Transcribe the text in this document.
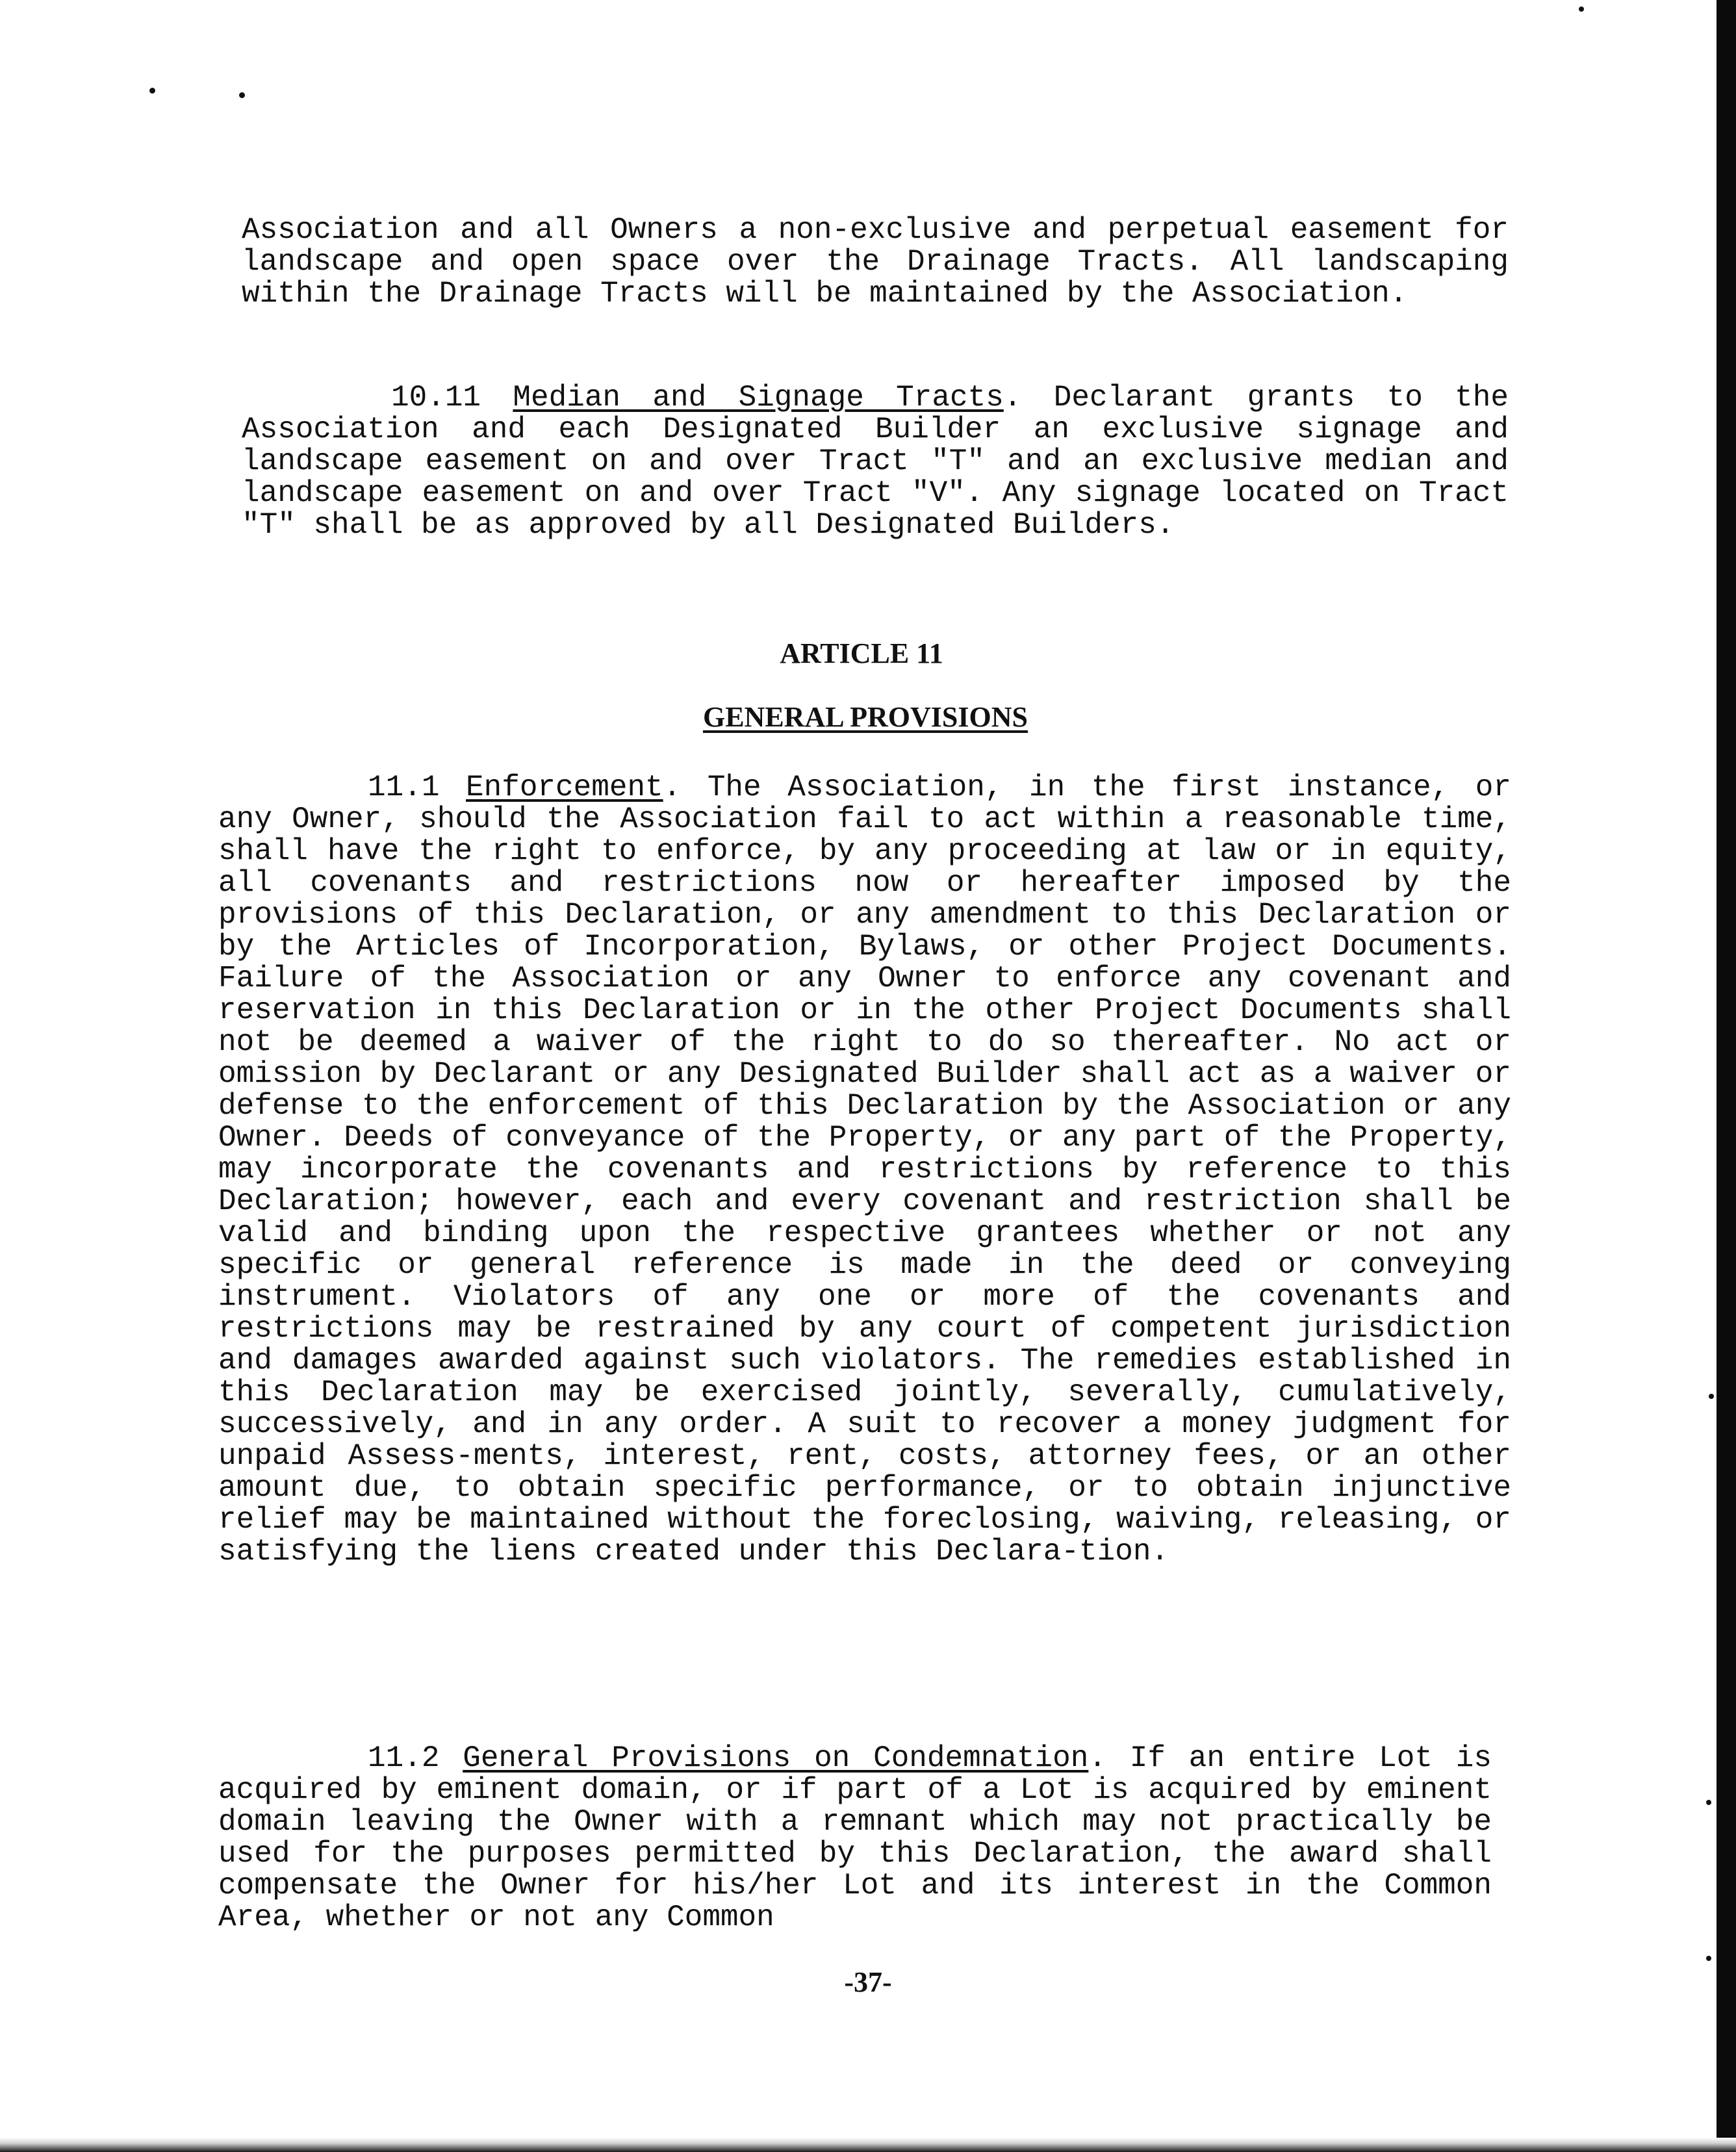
Association and all Owners a non-exclusive and perpetual easement for landscape and open space over the Drainage Tracts. All landscaping within the Drainage Tracts will be maintained by the Association.

10.11 Median and Signage Tracts. Declarant grants to the Association and each Designated Builder an exclusive signage and landscape easement on and over Tract "T" and an exclusive median and landscape easement on and over Tract "V". Any signage located on Tract "T" shall be as approved by all Designated Builders.

ARTICLE 11
GENERAL PROVISIONS

11.1 Enforcement. The Association, in the first instance, or any Owner, should the Association fail to act within a reasonable time, shall have the right to enforce, by any proceeding at law or in equity, all covenants and restrictions now or hereafter imposed by the provisions of this Declaration, or any amendment to this Declaration or by the Articles of Incorporation, Bylaws, or other Project Documents. Failure of the Association or any Owner to enforce any covenant and reservation in this Declaration or in the other Project Documents shall not be deemed a waiver of the right to do so thereafter. No act or omission by Declarant or any Designated Builder shall act as a waiver or defense to the enforcement of this Declaration by the Association or any Owner. Deeds of conveyance of the Property, or any part of the Property, may incorporate the covenants and restrictions by reference to this Declaration; however, each and every covenant and restriction shall be valid and binding upon the respective grantees whether or not any specific or general reference is made in the deed or conveying instrument. Violators of any one or more of the covenants and restrictions may be restrained by any court of competent jurisdiction and damages awarded against such violators. The remedies established in this Declaration may be exercised jointly, severally, cumulatively, successively, and in any order. A suit to recover a money judgment for unpaid Assess-ments, interest, rent, costs, attorney fees, or an other amount due, to obtain specific performance, or to obtain injunctive relief may be maintained without the foreclosing, waiving, releasing, or satisfying the liens created under this Declara-tion.

11.2 General Provisions on Condemnation. If an entire Lot is acquired by eminent domain, or if part of a Lot is acquired by eminent domain leaving the Owner with a remnant which may not practically be used for the purposes permitted by this Declaration, the award shall compensate the Owner for his/her Lot and its interest in the Common Area, whether or not any Common

-37-
